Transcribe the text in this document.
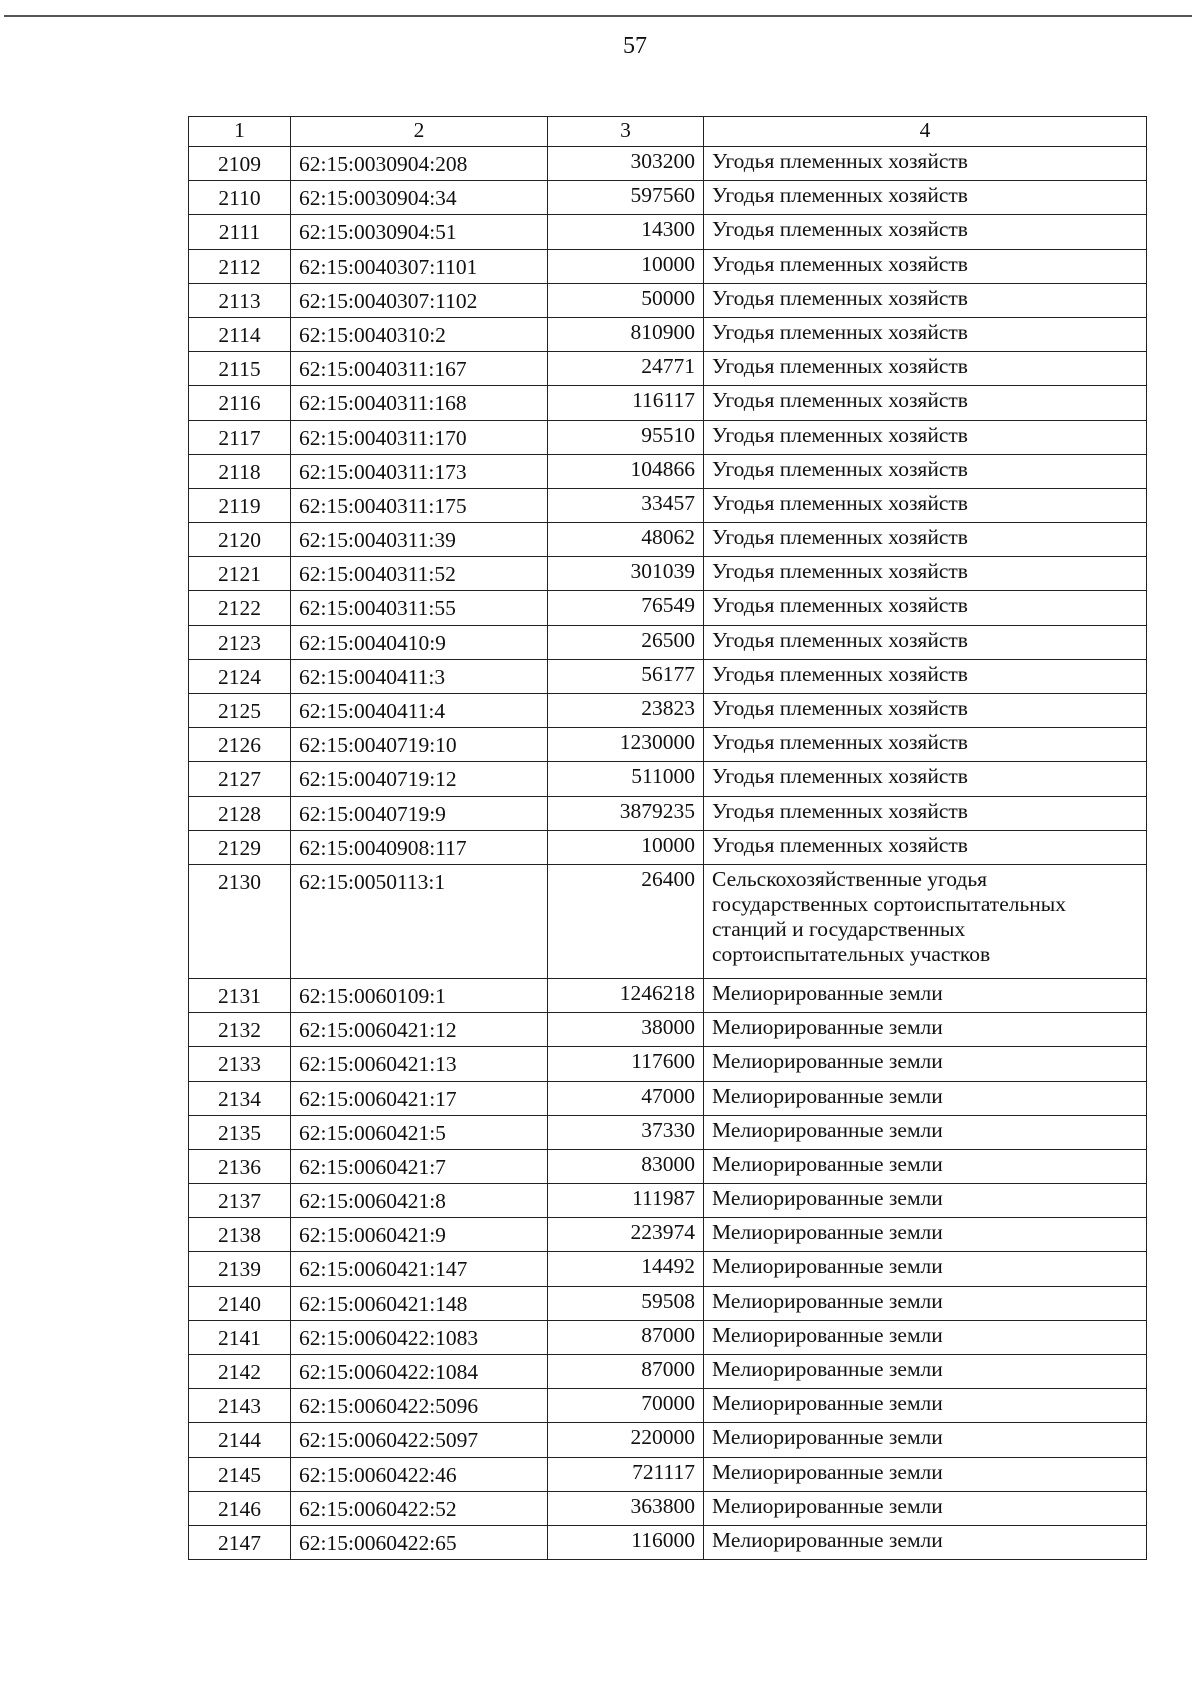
57
1	2	3	4
2109	62:15:0030904:208	303200	Угодья племенных хозяйств
2110	62:15:0030904:34	597560	Угодья племенных хозяйств
2111	62:15:0030904:51	14300	Угодья племенных хозяйств
2112	62:15:0040307:1101	10000	Угодья племенных хозяйств
2113	62:15:0040307:1102	50000	Угодья племенных хозяйств
2114	62:15:0040310:2	810900	Угодья племенных хозяйств
2115	62:15:0040311:167	24771	Угодья племенных хозяйств
2116	62:15:0040311:168	116117	Угодья племенных хозяйств
2117	62:15:0040311:170	95510	Угодья племенных хозяйств
2118	62:15:0040311:173	104866	Угодья племенных хозяйств
2119	62:15:0040311:175	33457	Угодья племенных хозяйств
2120	62:15:0040311:39	48062	Угодья племенных хозяйств
2121	62:15:0040311:52	301039	Угодья племенных хозяйств
2122	62:15:0040311:55	76549	Угодья племенных хозяйств
2123	62:15:0040410:9	26500	Угодья племенных хозяйств
2124	62:15:0040411:3	56177	Угодья племенных хозяйств
2125	62:15:0040411:4	23823	Угодья племенных хозяйств
2126	62:15:0040719:10	1230000	Угодья племенных хозяйств
2127	62:15:0040719:12	511000	Угодья племенных хозяйств
2128	62:15:0040719:9	3879235	Угодья племенных хозяйств
2129	62:15:0040908:117	10000	Угодья племенных хозяйств
2130	62:15:0050113:1	26400	Сельскохозяйственные угодья государственных сортоиспытательных станций и государственных сортоиспытательных участков
2131	62:15:0060109:1	1246218	Мелиорированные земли
2132	62:15:0060421:12	38000	Мелиорированные земли
2133	62:15:0060421:13	117600	Мелиорированные земли
2134	62:15:0060421:17	47000	Мелиорированные земли
2135	62:15:0060421:5	37330	Мелиорированные земли
2136	62:15:0060421:7	83000	Мелиорированные земли
2137	62:15:0060421:8	111987	Мелиорированные земли
2138	62:15:0060421:9	223974	Мелиорированные земли
2139	62:15:0060421:147	14492	Мелиорированные земли
2140	62:15:0060421:148	59508	Мелиорированные земли
2141	62:15:0060422:1083	87000	Мелиорированные земли
2142	62:15:0060422:1084	87000	Мелиорированные земли
2143	62:15:0060422:5096	70000	Мелиорированные земли
2144	62:15:0060422:5097	220000	Мелиорированные земли
2145	62:15:0060422:46	721117	Мелиорированные земли
2146	62:15:0060422:52	363800	Мелиорированные земли
2147	62:15:0060422:65	116000	Мелиорированные земли
